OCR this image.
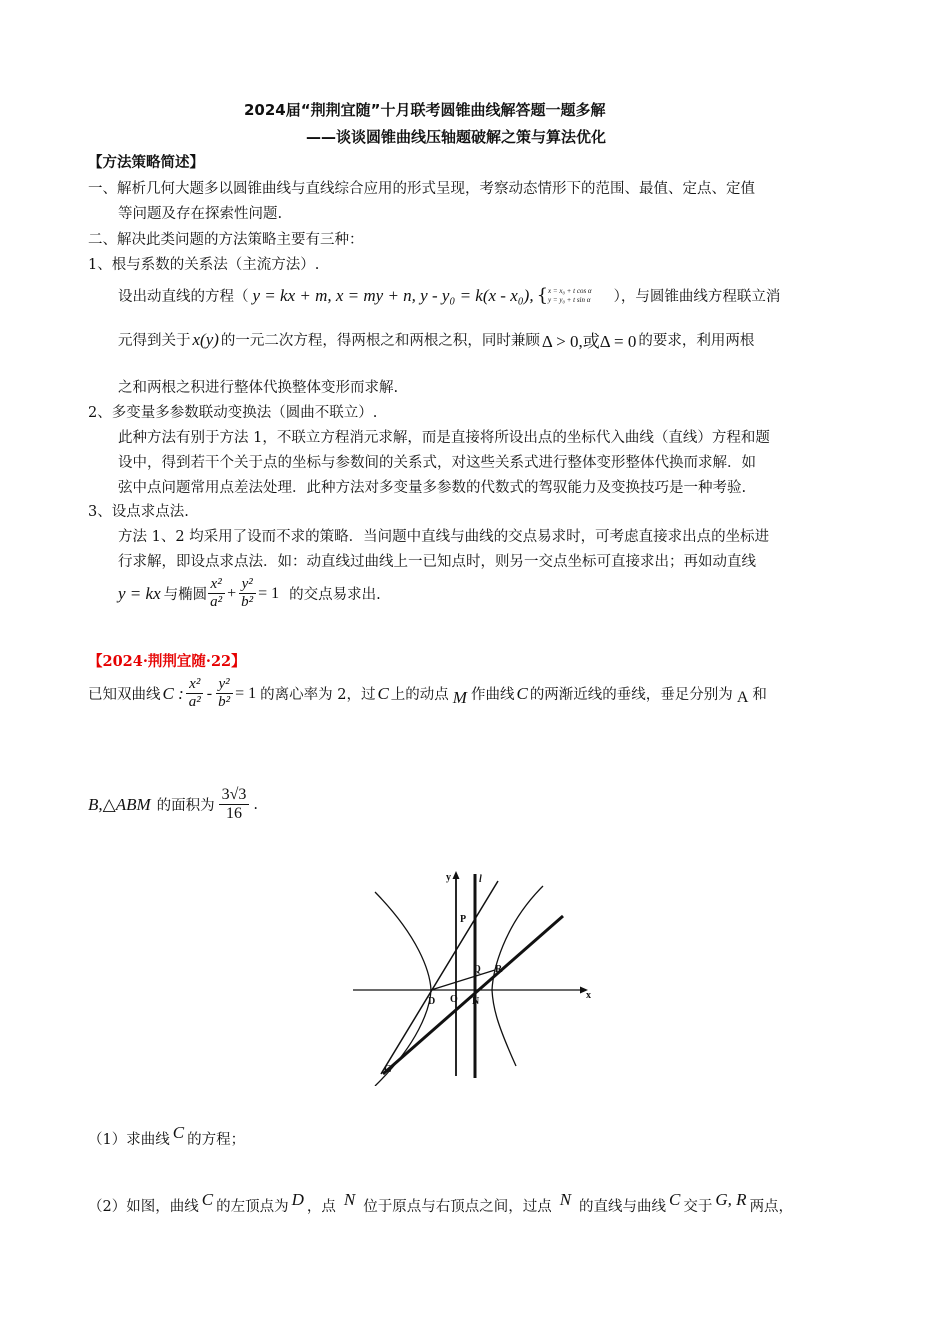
2024届“荆荆宜随”十月联考圆锥曲线解答题一题多解
——谈谈圆锥曲线压轴题破解之策与算法优化
【方法策略简述】
一、解析几何大题多以圆锥曲线与直线综合应用的形式呈现，考察动态情形下的范围、最值、定点、定值
等问题及存在探索性问题.
二、解决此类问题的方法策略主要有三种：
1、根与系数的关系法（主流方法）.
设出动直线的方程（ y = kx + m, x = my + n, y - y₀ = k(x - x₀), { x = x₀ + t cos α
y = y₀ + t sin α ），与圆锥曲线方程联立消
元得到关于 x(y) 的一元二次方程，得两根之和两根之积，同时兼顾 Δ > 0,或Δ = 0 的要求，利用两根
之和两根之积进行整体代换整体变形而求解.
2、多变量多参数联动变换法（圆曲不联立）.
此种方法有别于方法 1，不联立方程消元求解，而是直接将所设出点的坐标代入曲线（直线）方程和题
设中，得到若干个关于点的坐标与参数间的关系式，对这些关系式进行整体变形整体代换而求解．如
弦中点问题常用点差法处理．此种方法对多变量多参数的代数式的驾驭能力及变换技巧是一种考验.
3、设点求点法.
方法 1、2 均采用了设而不求的策略．当问题中直线与曲线的交点易求时，可考虑直接求出点的坐标进
行求解，即设点求点法．如：动直线过曲线上一已知点时，则另一交点坐标可直接求出；再如动直线
y = kx 与椭圆 $\frac{\text{x²}}{\text{a²}} + \frac{\text{y²}}{\text{b²}} = 1$ 的交点易求出.
【2024·荆荆宜随·22】
已知双曲线 C : $\frac{\text{x²}}{\text{a²}} - \frac{\text{y²}}{\text{b²}} = 1$ 的离心率为 2，过 C 上的动点 M 作曲线 C 的两渐近线的垂线，垂足分别为 A 和
B,△ABM 的面积为 $\frac{3√3}{16}$ .
y	l
P
Q R
D O N
x
G
（1）求曲线 C 的方程；
（2）如图，曲线 C 的左顶点为 D ，点 N 位于原点与右顶点之间，过点 N 的直线与曲线 C 交于 G, R 两点，
